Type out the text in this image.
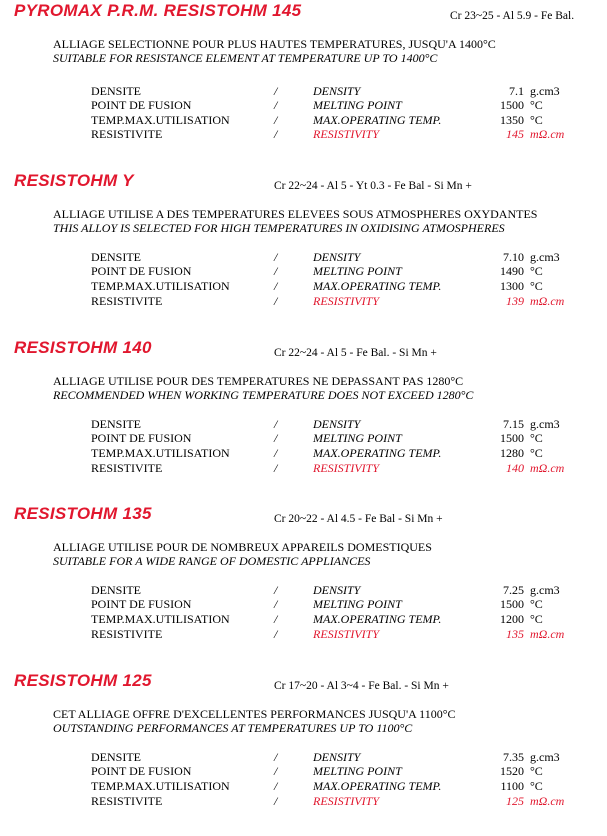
PYROMAX P.R.M. RESISTOHM 145	Cr 23~25 - Al 5.9 - Fe Bal.
ALLIAGE SELECTIONNE POUR PLUS HAUTES TEMPERATURES, JUSQU'A 1400°C
SUITABLE FOR RESISTANCE ELEMENT AT TEMPERATURE UP TO 1400°C
DENSITE	/	DENSITY	7.1 g.cm3
POINT DE FUSION	/	MELTING POINT	1500 °C
TEMP.MAX.UTILISATION	/	MAX.OPERATING TEMP.	1350 °C
RESISTIVITE	/	RESISTIVITY	145 mΩ.cm
RESISTOHM Y	Cr 22~24 - Al 5 - Yt 0.3 - Fe Bal - Si Mn +
ALLIAGE UTILISE A DES TEMPERATURES ELEVEES SOUS ATMOSPHERES OXYDANTES
THIS ALLOY IS SELECTED FOR HIGH TEMPERATURES IN OXIDISING ATMOSPHERES
DENSITE	/	DENSITY	7.10 g.cm3
POINT DE FUSION	/	MELTING POINT	1490 °C
TEMP.MAX.UTILISATION	/	MAX.OPERATING TEMP.	1300 °C
RESISTIVITE	/	RESISTIVITY	139 mΩ.cm
RESISTOHM 140	Cr 22~24 - Al 5 - Fe Bal. - Si Mn +
ALLIAGE UTILISE POUR DES TEMPERATURES NE DEPASSANT PAS 1280°C
RECOMMENDED WHEN WORKING TEMPERATURE DOES NOT EXCEED 1280°C
DENSITE	/	DENSITY	7.15 g.cm3
POINT DE FUSION	/	MELTING POINT	1500 °C
TEMP.MAX.UTILISATION	/	MAX.OPERATING TEMP.	1280 °C
RESISTIVITE	/	RESISTIVITY	140 mΩ.cm
RESISTOHM 135	Cr 20~22 - Al 4.5 - Fe Bal - Si Mn +
ALLIAGE UTILISE POUR DE NOMBREUX APPAREILS DOMESTIQUES
SUITABLE FOR A WIDE RANGE OF DOMESTIC APPLIANCES
DENSITE	/	DENSITY	7.25 g.cm3
POINT DE FUSION	/	MELTING POINT	1500 °C
TEMP.MAX.UTILISATION	/	MAX.OPERATING TEMP.	1200 °C
RESISTIVITE	/	RESISTIVITY	135 mΩ.cm
RESISTOHM 125	Cr 17~20 - Al 3~4 - Fe Bal. - Si Mn +
CET ALLIAGE OFFRE D'EXCELLENTES PERFORMANCES JUSQU'A 1100°C
OUTSTANDING PERFORMANCES AT TEMPERATURES UP TO 1100°C
DENSITE	/	DENSITY	7.35 g.cm3
POINT DE FUSION	/	MELTING POINT	1520 °C
TEMP.MAX.UTILISATION	/	MAX.OPERATING TEMP.	1100 °C
RESISTIVITE	/	RESISTIVITY	125 mΩ.cm
